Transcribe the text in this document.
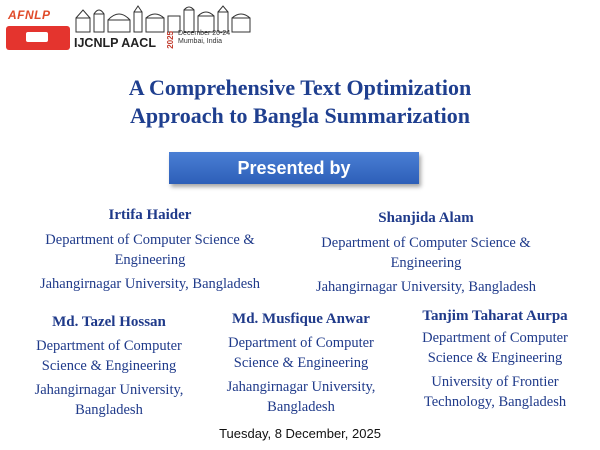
AFNLP
IJCNLP AACL 2025 December 20-24
Mumbai, India
A Comprehensive Text Optimization
Approach to Bangla Summarization
Presented by
Irtifa Haider
Department of Computer Science &
Engineering
Jahangirnagar University, Bangladesh
Shanjida Alam
Department of Computer Science &
Engineering
Jahangirnagar University, Bangladesh
Md. Tazel Hossan
Department of Computer
Science & Engineering
Jahangirnagar University,
Bangladesh
Md. Musfique Anwar
Department of Computer
Science & Engineering
Jahangirnagar University,
Bangladesh
Tanjim Taharat Aurpa
Department of Computer
Science & Engineering
University of Frontier
Technology, Bangladesh
Tuesday, 8 December, 2025
